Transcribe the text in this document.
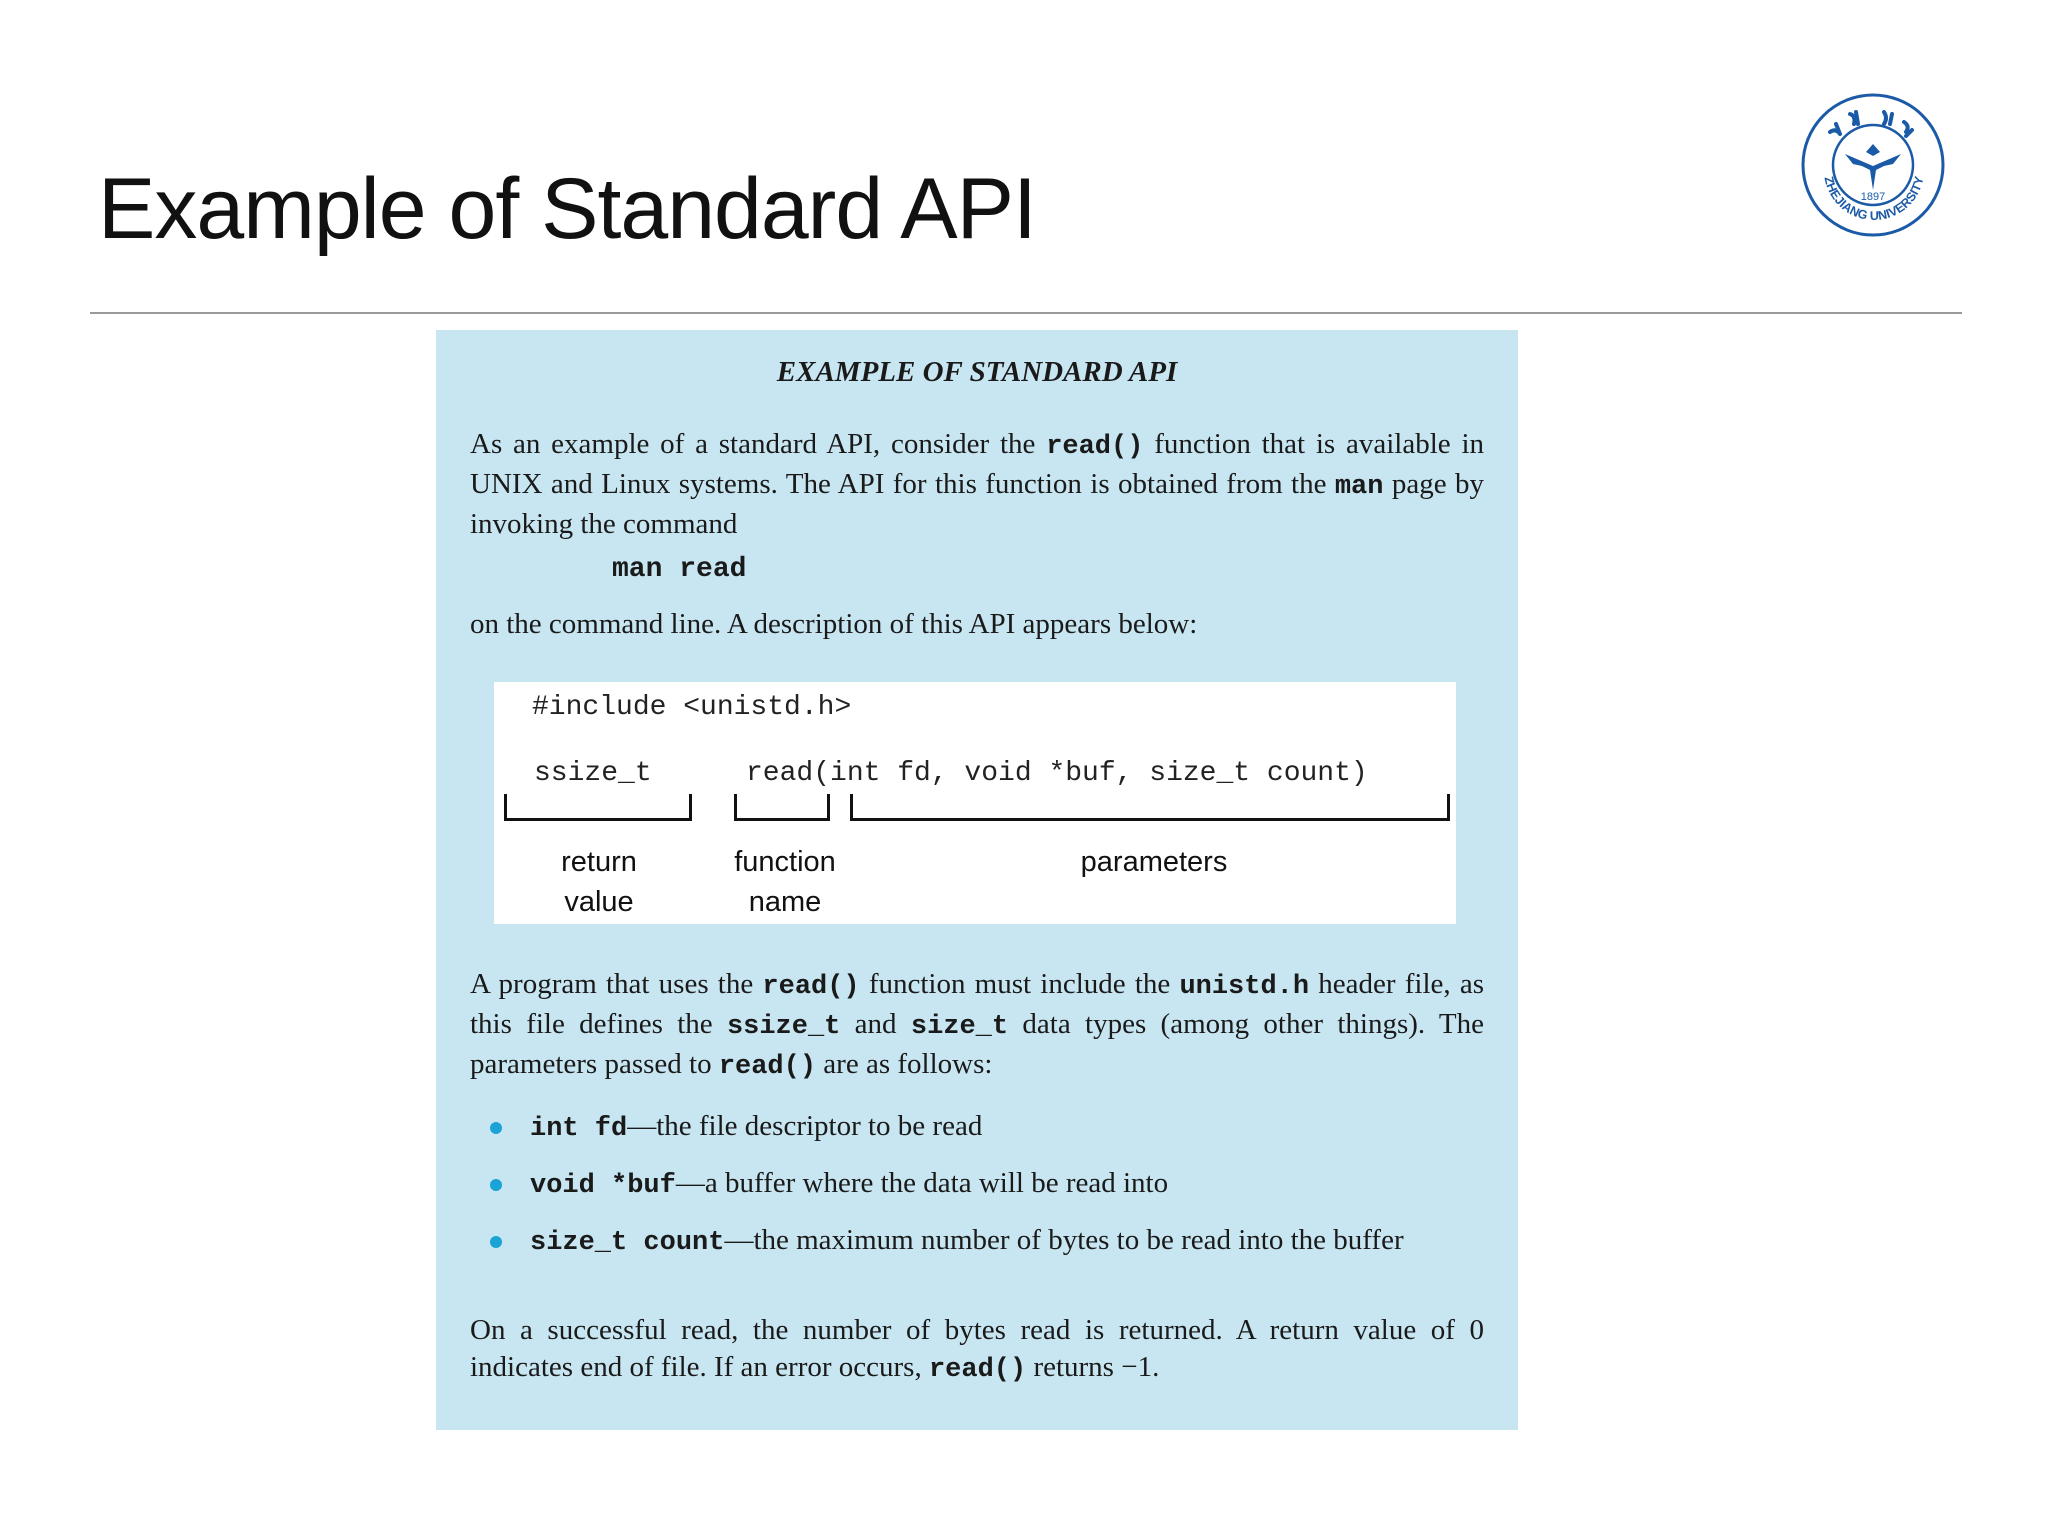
Example of Standard API	1897
ZHEJIANG UNIVERSITY
EXAMPLE OF STANDARD API

As an example of a standard API, consider the read() function that is available in UNIX and Linux systems. The API for this function is obtained from the man page by invoking the command

man read

on the command line. A description of this API appears below:

#include <unistd.h>
ssize_t	read(int fd, void *buf, size_t count)
return
value
function
name
parameters

A program that uses the read() function must include the unistd.h header file, as this file defines the ssize_t and size_t data types (among other things). The parameters passed to read() are as follows:

int fd—the file descriptor to be read
void *buf—a buffer where the data will be read into
size_t count—the maximum number of bytes to be read into the buffer

On a successful read, the number of bytes read is returned. A return value of 0 indicates end of file. If an error occurs, read() returns −1.
